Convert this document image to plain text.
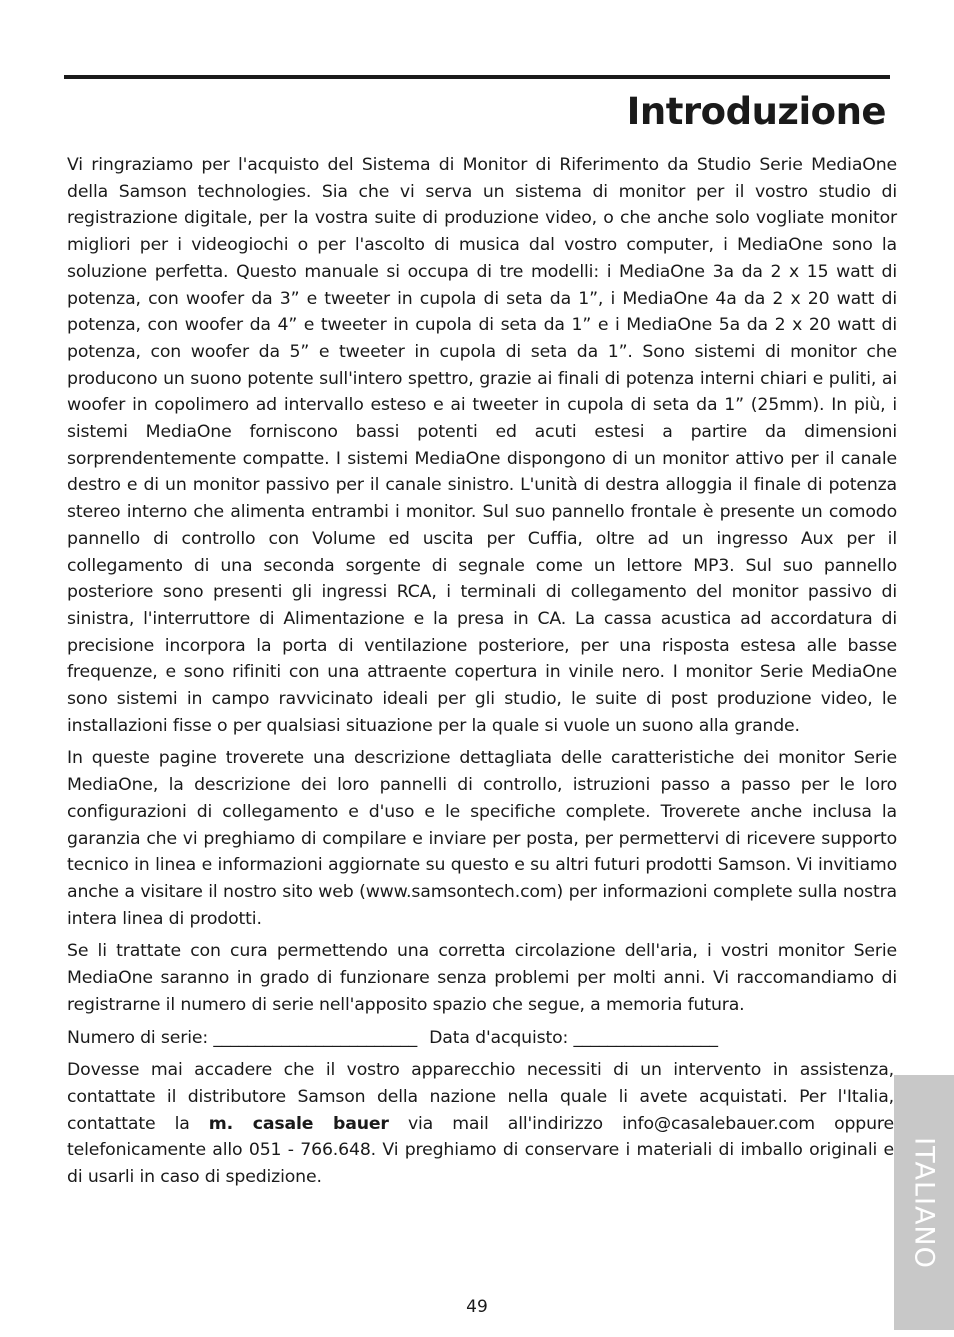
Introduzione

Vi ringraziamo per l'acquisto del Sistema di Monitor di Riferimento da Studio Serie MediaOne della Samson technologies. Sia che vi serva un sistema di monitor per il vostro studio di registrazione digitale, per la vostra suite di produzione video, o che anche solo vogliate monitor migliori per i videogiochi o per l'ascolto di musica dal vostro computer, i MediaOne sono la soluzione perfetta. Questo manuale si occupa di tre modelli: i MediaOne 3a da 2 x 15 watt di potenza, con woofer da 3” e tweeter in cupola di seta da 1”, i MediaOne 4a da 2 x 20 watt di potenza, con woofer da 4” e tweeter in cupola di seta da 1” e i MediaOne 5a da 2 x 20 watt di potenza, con woofer da 5” e tweeter in cupola di seta da 1”. Sono sistemi di monitor che producono un suono potente sull'intero spettro, grazie ai finali di potenza interni chiari e puliti, ai woofer in copolimero ad intervallo esteso e ai tweeter in cupola di seta da 1” (25mm). In più, i sistemi MediaOne forniscono bassi potenti ed acuti estesi a partire da dimensioni sorprendentemente compatte. I sistemi MediaOne dispongono di un monitor attivo per il canale destro e di un monitor passivo per il canale sinistro. L'unità di destra alloggia il finale di potenza stereo interno che alimenta entrambi i monitor. Sul suo pannello frontale è presente un comodo pannello di controllo con Volume ed uscita per Cuffia, oltre ad un ingresso Aux per il collegamento di una seconda sorgente di segnale come un lettore MP3. Sul suo pannello posteriore sono presenti gli ingressi RCA, i terminali di collegamento del monitor passivo di sinistra, l'interruttore di Alimentazione e la presa in CA. La cassa acustica ad accordatura di precisione incorpora la porta di ventilazione posteriore, per una risposta estesa alle basse frequenze, e sono rifiniti con una attraente copertura in vinile nero. I monitor Serie MediaOne sono sistemi in campo ravvicinato ideali per gli studio, le suite di post produzione video, le installazioni fisse o per qualsiasi situazione per la quale si vuole un suono alla grande.

In queste pagine troverete una descrizione dettagliata delle caratteristiche dei monitor Serie MediaOne, la descrizione dei loro pannelli di controllo, istruzioni passo a passo per le loro configurazioni di collegamento e d'uso e le specifiche complete. Troverete anche inclusa la garanzia che vi preghiamo di compilare e inviare per posta, per permettervi di ricevere supporto tecnico in linea e informazioni aggiornate su questo e su altri futuri prodotti Samson. Vi invitiamo anche a visitare il nostro sito web (www.samsontech.com) per informazioni complete sulla nostra intera linea di prodotti.

Se li trattate con cura permettendo una corretta circolazione dell'aria, i vostri monitor Serie MediaOne saranno in grado di funzionare senza problemi per molti anni. Vi raccomandiamo di registrarne il numero di serie nell'apposito spazio che segue, a memoria futura.

Numero di serie: ________________________ Data d'acquisto: _________________

Dovesse mai accadere che il vostro apparecchio necessiti di un intervento in assistenza, contattate il distributore Samson della nazione nella quale li avete acquistati. Per l'Italia, contattate la m. casale bauer via mail all'indirizzo info@casalebauer.com oppure telefonicamente allo 051 - 766.648. Vi preghiamo di conservare i materiali di imballo originali e di usarli in caso di spedizione.	ITALIANO
49
